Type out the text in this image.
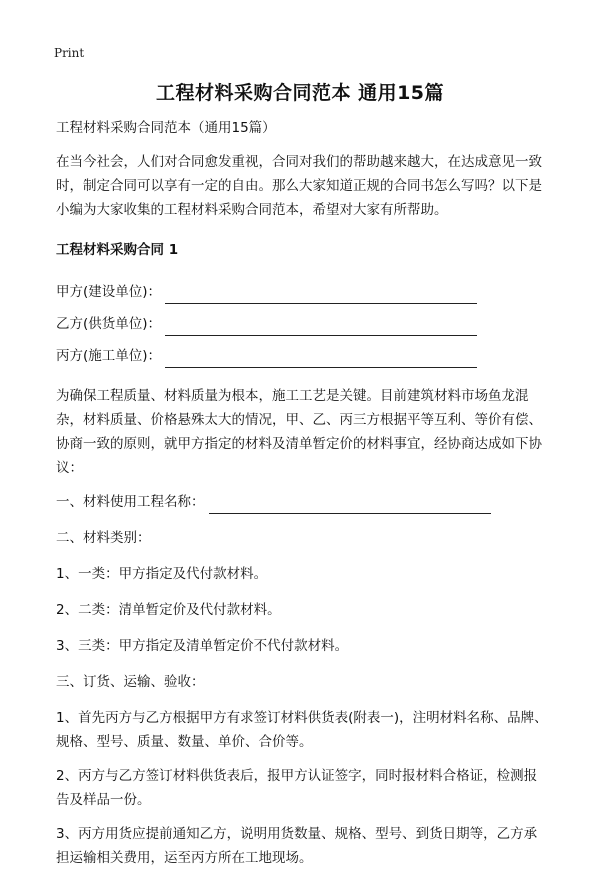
Print
工程材料采购合同范本 通用15篇

工程材料采购合同范本（通用15篇）

在当今社会，人们对合同愈发重视，合同对我们的帮助越来越大，在达成意见一致时，制定合同可以享有一定的自由。那么大家知道正规的合同书怎么写吗？以下是小编为大家收集的工程材料采购合同范本，希望对大家有所帮助。

工程材料采购合同 1

甲方(建设单位)：
乙方(供货单位)：
丙方(施工单位)：

为确保工程质量、材料质量为根本，施工工艺是关键。目前建筑材料市场鱼龙混杂，材料质量、价格悬殊太大的情况，甲、乙、丙三方根据平等互利、等价有偿、协商一致的原则，就甲方指定的材料及清单暂定价的材料事宜，经协商达成如下协议：

一、材料使用工程名称：

二、材料类别：

1、一类：甲方指定及代付款材料。

2、二类：清单暂定价及代付款材料。

3、三类：甲方指定及清单暂定价不代付款材料。

三、订货、运输、验收：

1、首先丙方与乙方根据甲方有求签订材料供货表(附表一)，注明材料名称、品牌、规格、型号、质量、数量、单价、合价等。

2、丙方与乙方签订材料供货表后，报甲方认证签字，同时报材料合格证，检测报告及样品一份。

3、丙方用货应提前通知乙方，说明用货数量、规格、型号、到货日期等，乙方承担运输相关费用，运至丙方所在工地现场。
